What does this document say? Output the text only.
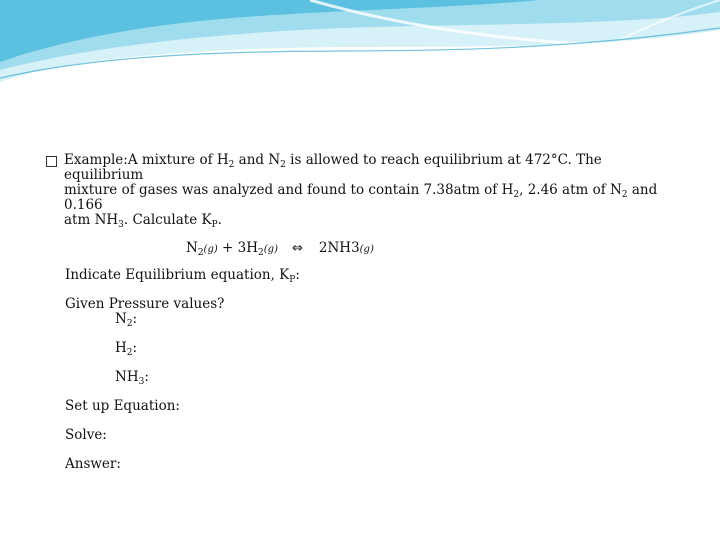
Example:A mixture of $H_2$ and $N_2$ is allowed to reach equilibrium at 472°C. The equilibrium
mixture of gases was analyzed and found to contain 7.38atm of $H_2$, 2.46 atm of $N_2$ and 0.166
atm $NH_3$. Calculate $K_P$.
$N_2(g) + 3H_2(g)$ ⇔ 2NH3(g)
Indicate Equilibrium equation, $K_P$:
Given Pressure values?
$N_2$:
$H_2$:
$NH_3$:
Set up Equation:
Solve:
Answer:
